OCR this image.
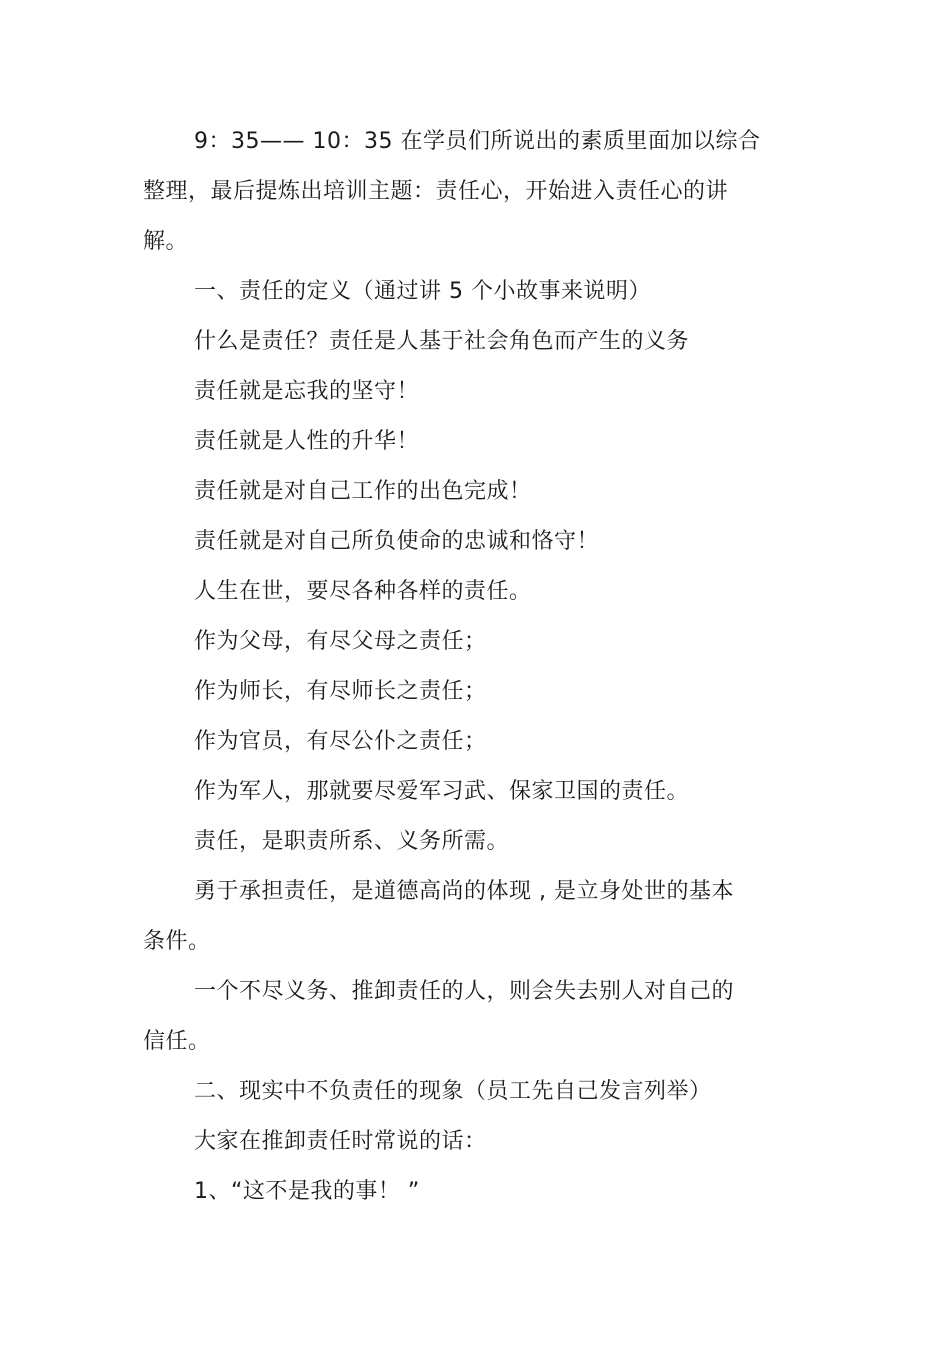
9：35—— 10：35 在学员们所说出的素质里面加以综合
整理，最后提炼出培训主题：责任心，开始进入责任心的讲
解。
一、责任的定义（通过讲 5 个小故事来说明）
什么是责任？责任是人基于社会角色而产生的义务
责任就是忘我的坚守！
责任就是人性的升华！
责任就是对自己工作的出色完成！
责任就是对自己所负使命的忠诚和恪守！
人生在世，要尽各种各样的责任。
作为父母，有尽父母之责任；
作为师长，有尽师长之责任；
作为官员，有尽公仆之责任；
作为军人，那就要尽爱军习武、保家卫国的责任。
责任，是职责所系、义务所需。
勇于承担责任，是道德高尚的体现 , 是立身处世的基本
条件。
一个不尽义务、推卸责任的人，则会失去别人对自己的
信任。
二、现实中不负责任的现象（员工先自己发言列举）
大家在推卸责任时常说的话：
1、“这不是我的事！ ”
